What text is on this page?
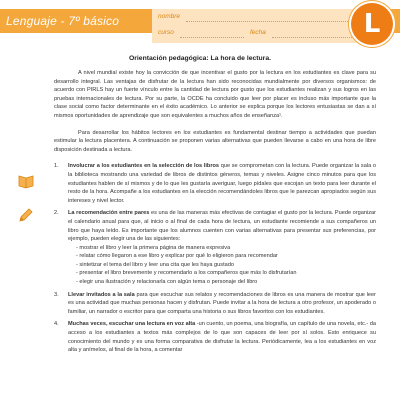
Lenguaje - 7º básico	nombre
curso	fecha	L
Orientación pedagógica: La hora de lectura.

A nivel mundial existe hoy la convicción de que incentivar el gusto por la lectura en los estudiantes es clave para su desarrollo integral. Las ventajas de disfrutar de la lectura han sido reconocidas mundialmente por diversos organismos: de acuerdo con PIRLS hay un fuerte vínculo entre la cantidad de lectura por gusto que los estudiantes realizan y sus logros en las pruebas internacionales de lectura. Por su parte, la OCDE ha concluido que leer por placer es incluso más importante que la clase social como factor determinante en el éxito académico. Lo anterior se explica porque los lectores entusiastas se dan a sí mismos oportunidades de aprendizaje que son equivalentes a muchos años de enseñanza¹.

Para desarrollar los hábitos lectores en los estudiantes es fundamental destinar tiempo a actividades que puedan estimular la lectura placentera. A continuación se proponen varias alternativas que pueden llevarse a cabo en una hora de libre disposición destinada a lectura.

1. Involucrar a los estudiantes en la selección de los libros que se comprometan con la lectura. Puede organizar la sala o la biblioteca mostrando una variedad de libros de distintos géneros, temas y niveles. Asigne cinco minutos para que los estudiantes hablen de sí mismos y de lo que les gustaría averiguar, luego pídales que escojan un texto para leer durante el resto de la hora. Acompañe a los estudiantes en la elección recomendándoles libros que le parezcan apropiados según sus intereses y nivel lector.
2. La recomendación entre pares es una de las maneras más efectivas de contagiar el gusto por la lectura. Puede organizar el calendario anual para que, al inicio o al final de cada hora de lectura, un estudiante recomiende a sus compañeros un libro que haya leído. Es importante que los alumnos cuenten con varias alternativas para presentar sus preferencias, por ejemplo, pueden elegir una de las siguientes:

- mostrar el libro y leer la primera página de manera expresiva

- relatar cómo llegaron a ese libro y explicar por qué lo eligieron para recomendar

- sintetizar el tema del libro y leer una cita que les haya gustado

- presentar el libro brevemente y recomendarlo a los compañeros que más lo disfrutarían

- elegir una ilustración y relacionarla con algún tema o personaje del libro

3. Llevar invitados a la sala para que escuchar sus relatos y recomendaciones de libros es una manera de mostrar que leer es una actividad que muchas personas hacen y disfrutan. Puede invitar a la hora de lectura a otro profesor, un apoderado o familiar, un narrador o escritor para que comparta una historia o sus libros favoritos con los estudiantes.
4. Muchas veces, escuchar una lectura en voz alta -un cuento, un poema, una biografía, un capítulo de una novela, etc.- da acceso a los estudiantes a textos más complejos de lo que son capaces de leer por sí solos. Esto enriquece su conocimiento del mundo y es una forma comparativa de disfrutar la lectura. Periódicamente, lea a los estudiantes en voz alta y anímelos, al final de la hora, a comentar
